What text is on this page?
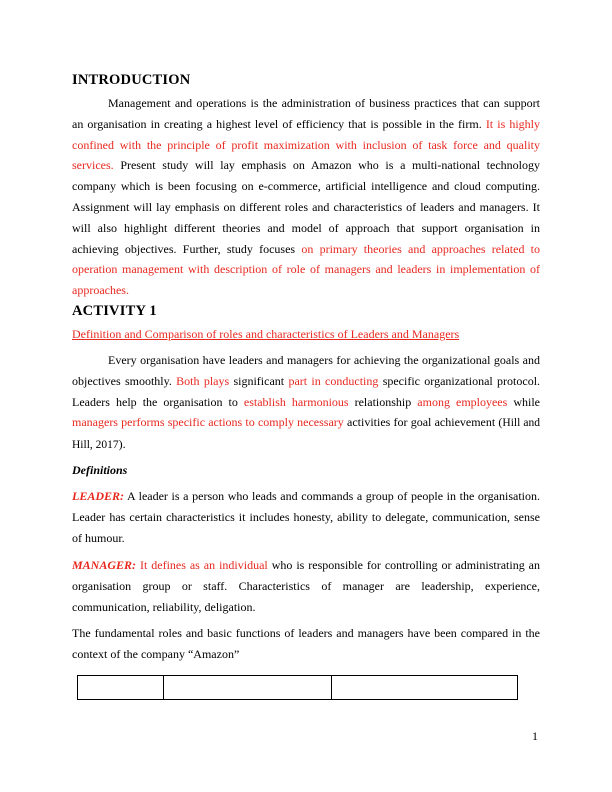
INTRODUCTION

Management and operations is the administration of business practices that can support an organisation in creating a highest level of efficiency that is possible in the firm. It is highly confined with the principle of profit maximization with inclusion of task force and quality services. Present study will lay emphasis on Amazon who is a multi-national technology company which is been focusing on e-commerce, artificial intelligence and cloud computing. Assignment will lay emphasis on different roles and characteristics of leaders and managers. It will also highlight different theories and model of approach that support organisation in achieving objectives. Further, study focuses on primary theories and approaches related to operation management with description of role of managers and leaders in implementation of approaches.

ACTIVITY 1
Definition and Comparison of roles and characteristics of Leaders and Managers

Every organisation have leaders and managers for achieving the organizational goals and objectives smoothly. Both plays significant part in conducting specific organizational protocol. Leaders help the organisation to establish harmonious relationship among employees while managers performs specific actions to comply necessary activities for goal achievement (Hill and Hill, 2017).

Definitions

LEADER: A leader is a person who leads and commands a group of people in the organisation. Leader has certain characteristics it includes honesty, ability to delegate, communication, sense of humour.

MANAGER: It defines as an individual who is responsible for controlling or administrating an organisation group or staff. Characteristics of manager are leadership, experience, communication, reliability, deligation.

The fundamental roles and basic functions of leaders and managers have been compared in the context of the company “Amazon”

1
